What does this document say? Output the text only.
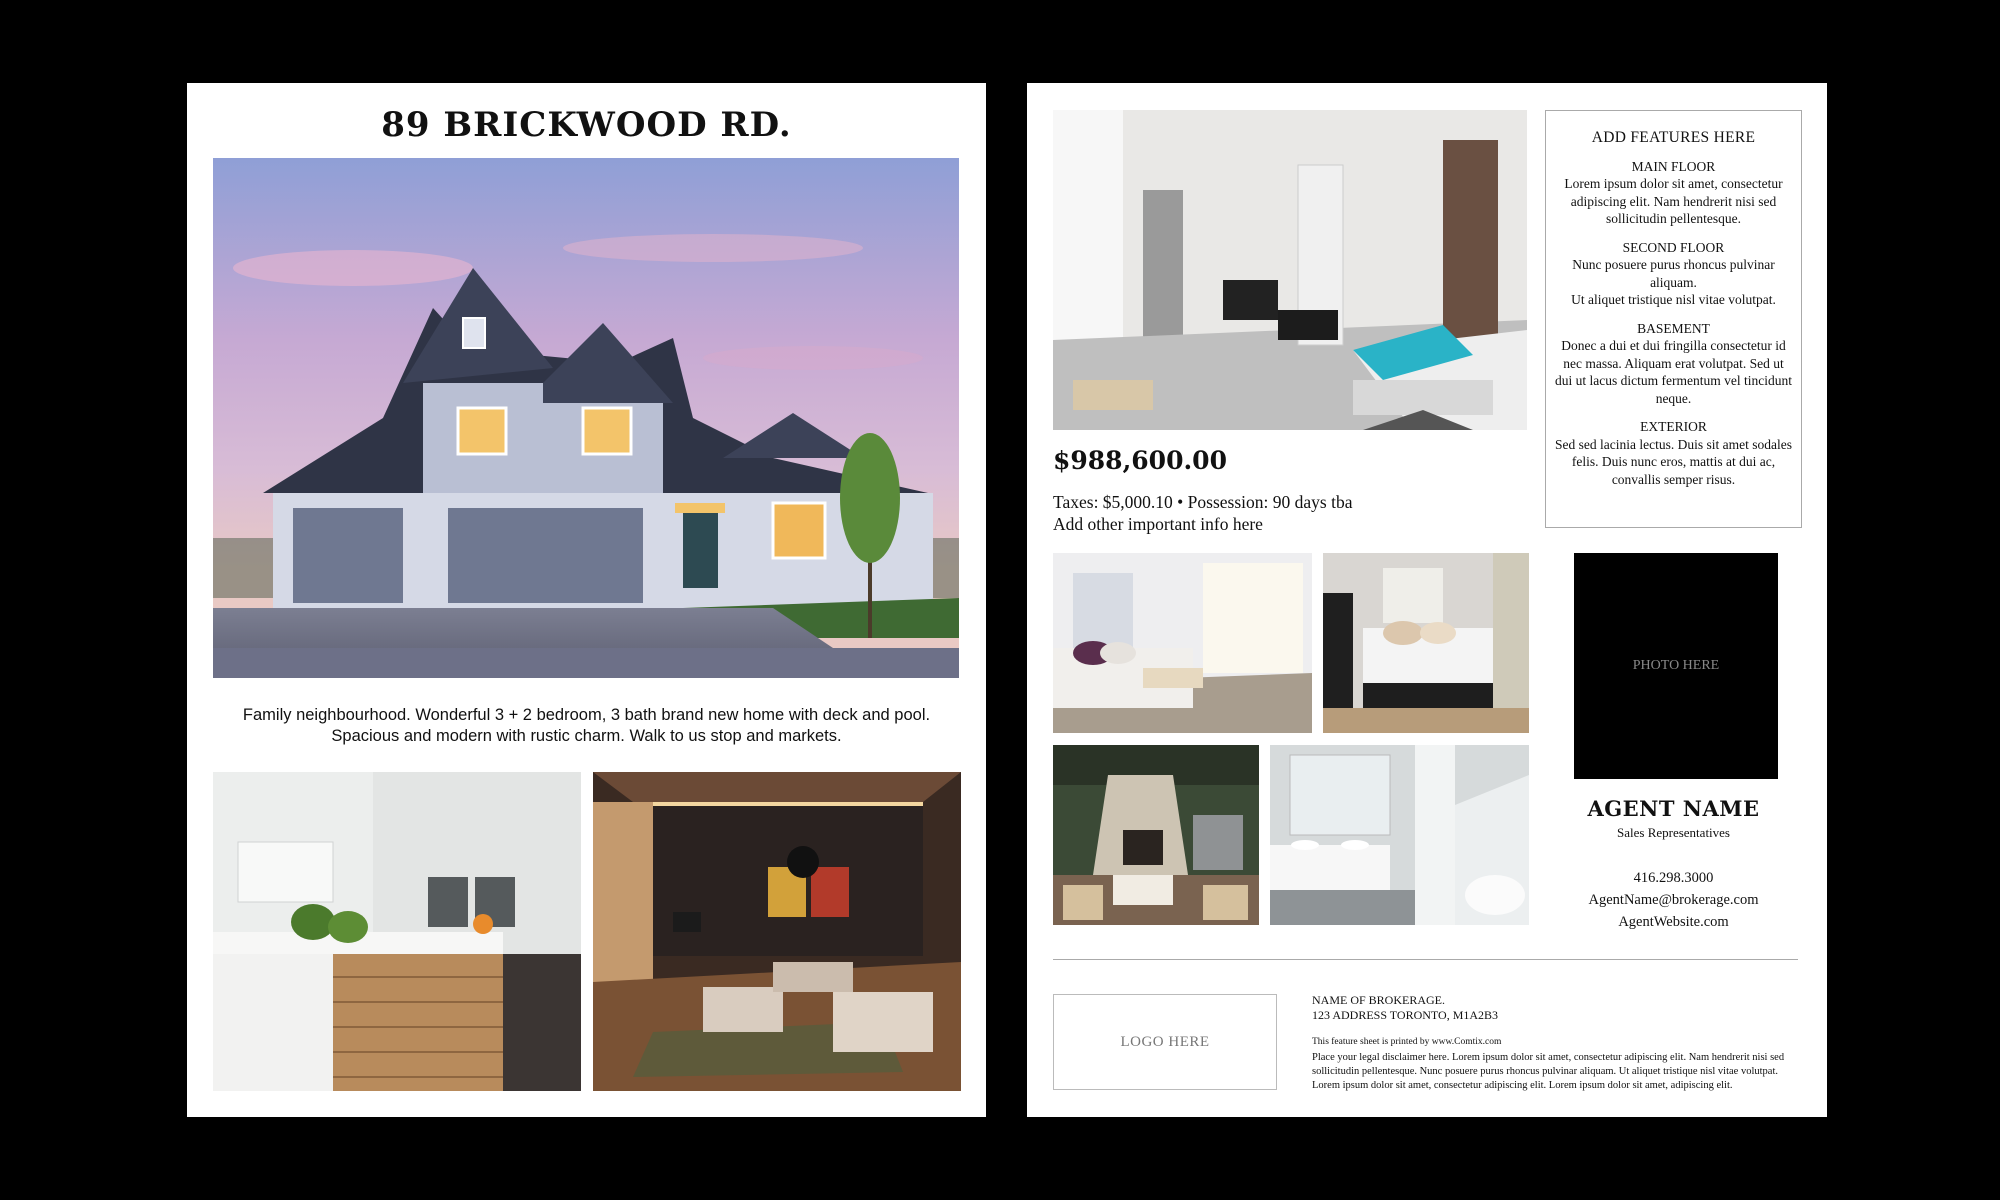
89 BRICKWOOD RD.
Family neighbourhood. Wonderful 3 + 2 bedroom, 3 bath brand new home with deck and pool.
Spacious and modern with rustic charm. Walk to us stop and markets.
$988,600.00
Taxes: $5,000.10 • Possession: 90 days tba
Add other important info here
ADD FEATURES HERE
MAIN FLOOR
Lorem ipsum dolor sit amet, consectetur adipiscing elit. Nam hendrerit nisi sed sollicitudin pellentesque.
SECOND FLOOR
Nunc posuere purus rhoncus pulvinar aliquam.
Ut aliquet tristique nisl vitae volutpat.
BASEMENT
Donec a dui et dui fringilla consectetur id nec massa. Aliquam erat volutpat. Sed ut dui ut lacus dictum fermentum vel tincidunt neque.
EXTERIOR
Sed sed lacinia lectus. Duis sit amet sodales felis. Duis nunc eros, mattis at dui ac, convallis semper risus.
PHOTO HERE
AGENT NAME
Sales Representatives
416.298.3000
AgentName@brokerage.com
AgentWebsite.com
LOGO HERE
NAME OF BROKERAGE.
123 ADDRESS TORONTO, M1A2B3
This feature sheet is printed by www.Comtix.com
Place your legal disclaimer here. Lorem ipsum dolor sit amet, consectetur adipiscing elit. Nam hendrerit nisi sed sollicitudin pellentesque. Nunc posuere purus rhoncus pulvinar aliquam. Ut aliquet tristique nisl vitae volutpat. Lorem ipsum dolor sit amet, consectetur adipiscing elit. Lorem ipsum dolor sit amet, adipiscing elit.
